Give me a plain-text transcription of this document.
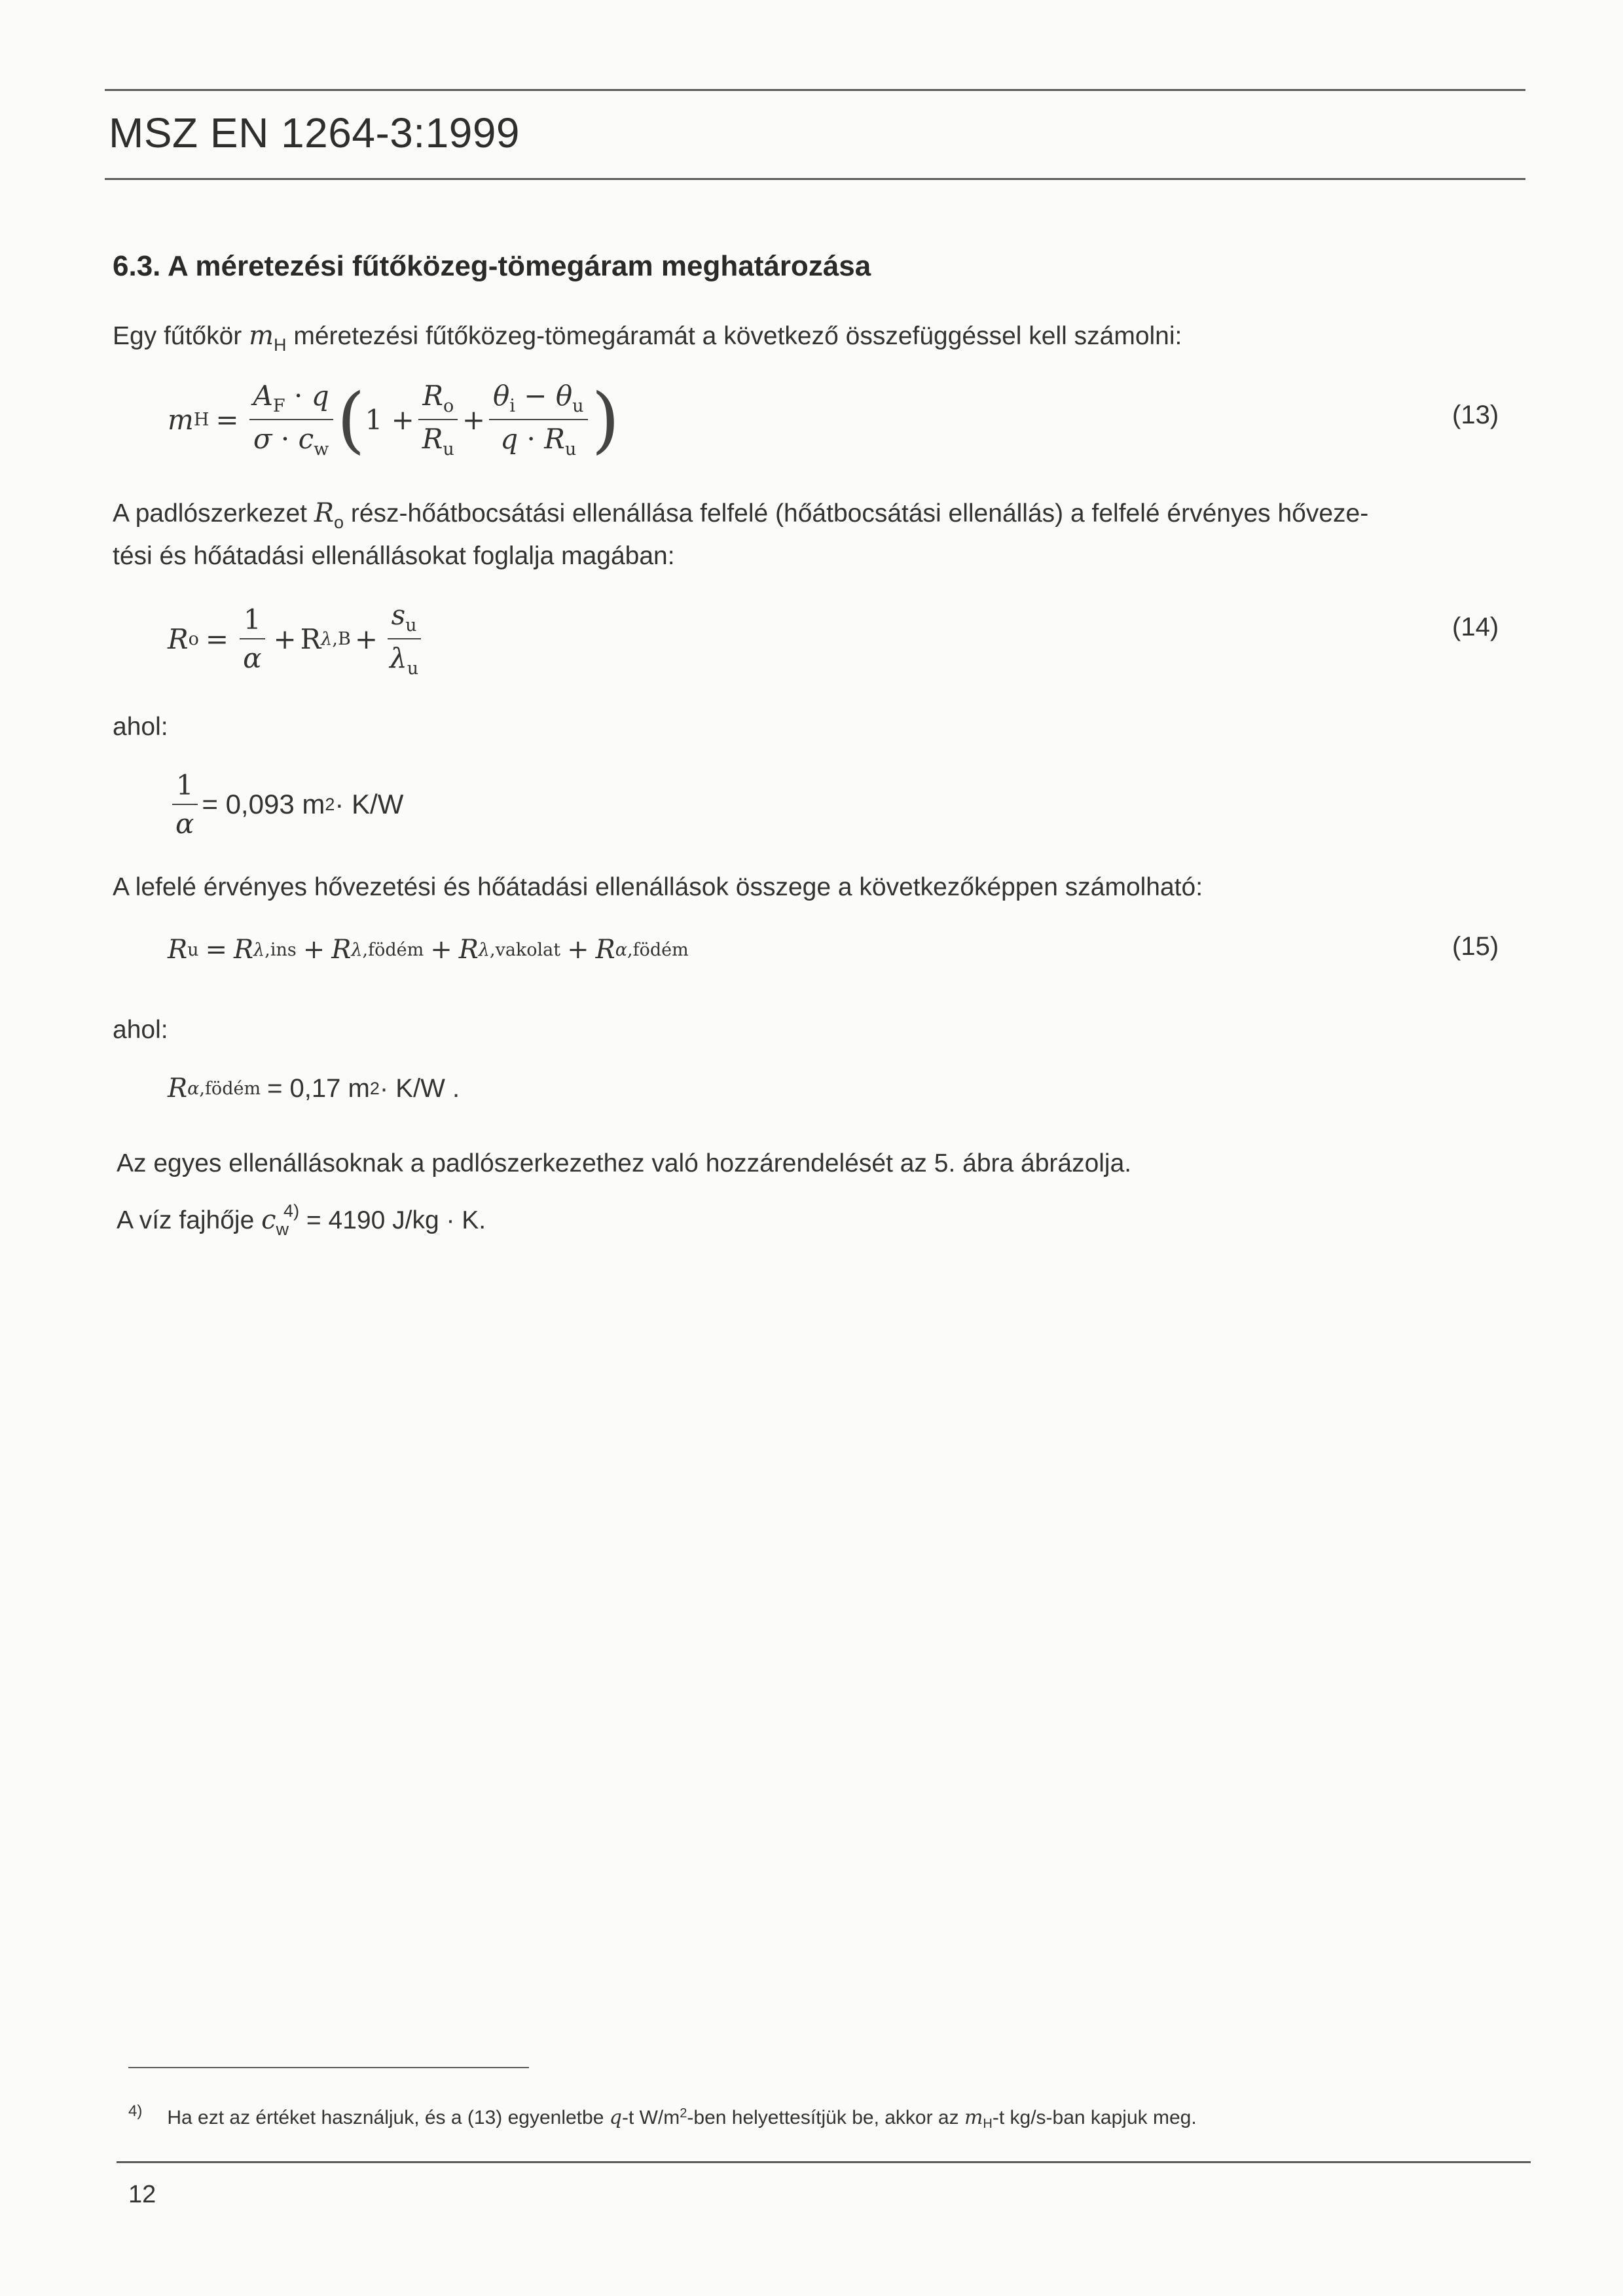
MSZ EN 1264-3:1999
6.3. A méretezési fűtőközeg-tömegáram meghatározása
Egy fűtőkör $m_H$ méretezési fűtőközeg-tömegáramát a következő összefüggéssel kell számolni:
m $H = \frac{A_F \cdot q}{\sigma \cdot c_w}$ ( $1 + \frac{R_o}{R_u} + \frac{\theta_i - \theta_u}{q \cdot R_u}$ )	(13)
A padlószerkezet $R_o$ rész-hőátbocsátási ellenállása felfelé (hőátbocsátási ellenállás) a felfelé érvényes hőveze-
tési és hőátadási ellenállásokat foglalja magában:
R $o = \frac{1}{\alpha} + R$ $\lambda,B + \frac{s_u}{\lambda_u}$	(14)
ahol:
$\frac{1}{\alpha} = 0,093$ m 2 · K/W
A lefelé érvényes hővezetési és hőátadási ellenállások összege a következőképpen számolható:
R u = R λ,ins + R λ,födém + R λ,vakolat + R α,födém	(15)
ahol:
R α,födém = 0,17 m 2 · K/W .
Az egyes ellenállásoknak a padlószerkezethez való hozzárendelését az 5. ábra ábrázolja.
A víz fajhője $c_w^{4)} = 4190$ J/kg · K.
$^{4)}$ Ha ezt az értéket használjuk, és a (13) egyenletbe q-t $W/m^2$-ben helyettesítjük be, akkor az $m_H-t$ kg/s-ban kapjuk meg.
12
